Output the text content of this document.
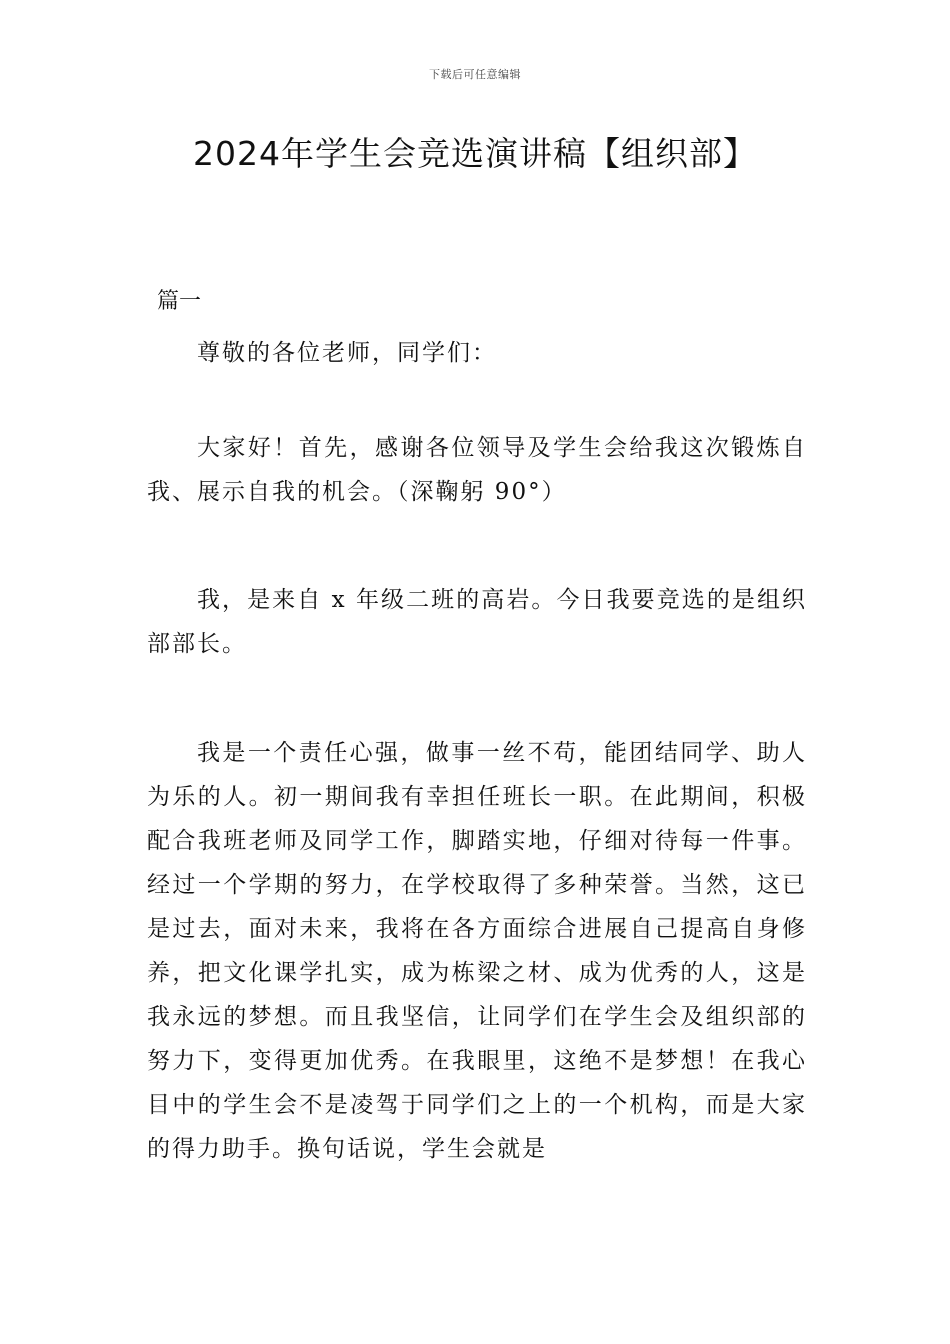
下载后可任意编辑
2024年学生会竞选演讲稿【组织部】
篇一

尊敬的各位老师，同学们：

大家好！首先，感谢各位领导及学生会给我这次锻炼自我、展示自我的机会。（深鞠躬 90°）

我，是来自 x 年级二班的高岩。今日我要竞选的是组织部部长。

我是一个责任心强，做事一丝不苟，能团结同学、助人为乐的人。初一期间我有幸担任班长一职。在此期间，积极配合我班老师及同学工作，脚踏实地，仔细对待每一件事。经过一个学期的努力，在学校取得了多种荣誉。当然，这已是过去，面对未来，我将在各方面综合进展自己提高自身修养，把文化课学扎实，成为栋梁之材、成为优秀的人，这是我永远的梦想。而且我坚信，让同学们在学生会及组织部的努力下，变得更加优秀。在我眼里，这绝不是梦想！在我心目中的学生会不是凌驾于同学们之上的一个机构，而是大家的得力助手。换句话说，学生会就是
